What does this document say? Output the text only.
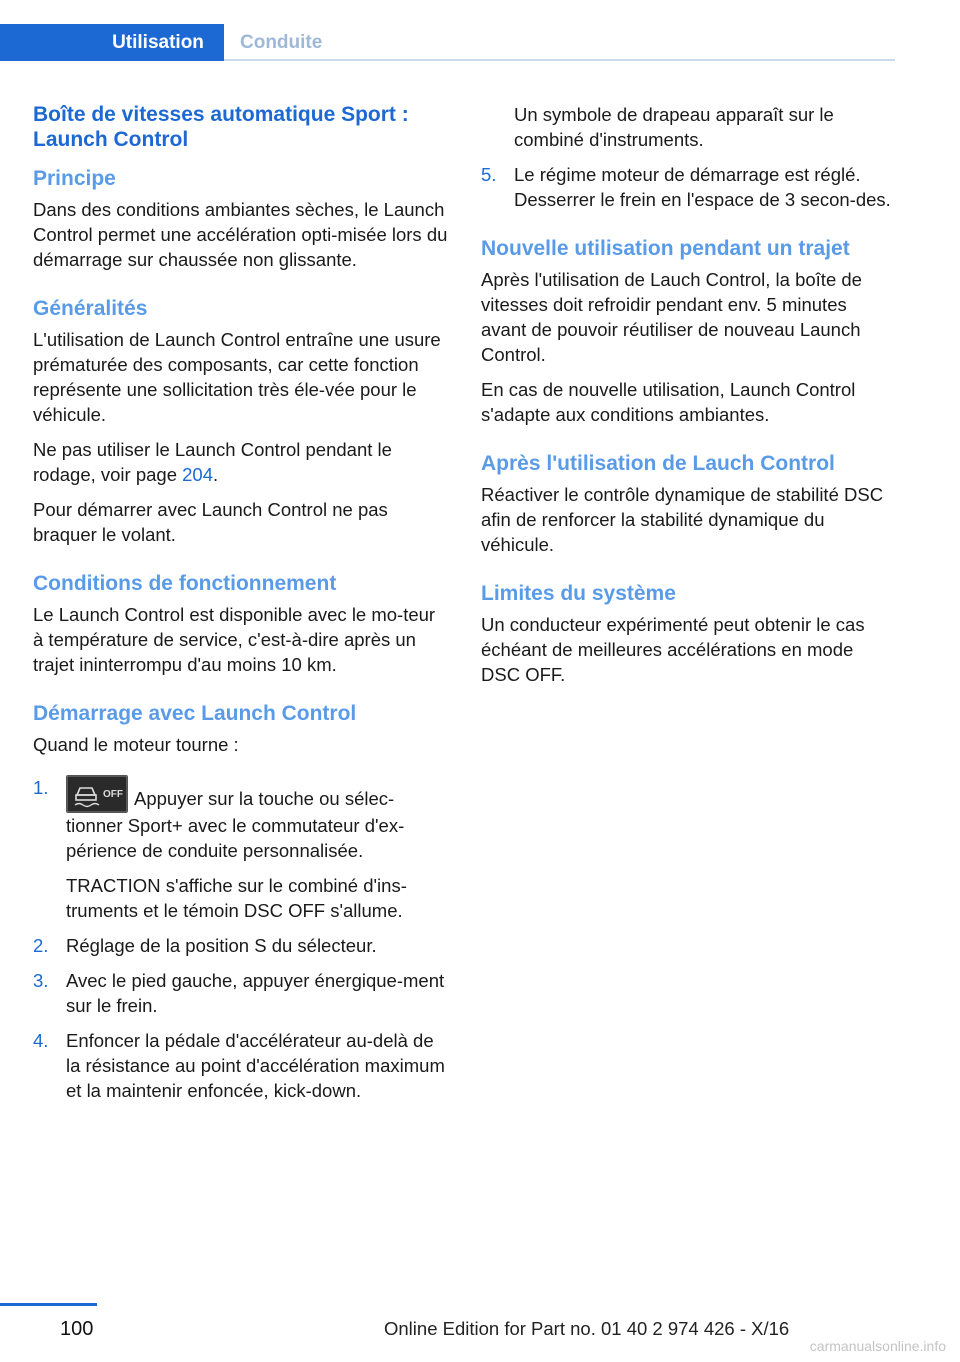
Utilisation	Conduite
Boîte de vitesses automatique Sport : Launch Control
Principe

Dans des conditions ambiantes sèches, le Launch Control permet une accélération opti-misée lors du démarrage sur chaussée non glissante.

Généralités

L'utilisation de Launch Control entraîne une usure prématurée des composants, car cette fonction représente une sollicitation très éle-vée pour le véhicule.

Ne pas utiliser le Launch Control pendant le rodage, voir page 204.

Pour démarrer avec Launch Control ne pas braquer le volant.

Conditions de fonctionnement

Le Launch Control est disponible avec le mo-teur à température de service, c'est-à-dire après un trajet ininterrompu d'au moins 10 km.

Démarrage avec Launch Control

Quand le moteur tourne :

1.	OFF Appuyer sur la touche ou sélec-tionner Sport+ avec le commutateur d'ex-périence de conduite personnalisée.

TRACTION s'affiche sur le combiné d'ins-truments et le témoin DSC OFF s'allume.

2. Réglage de la position S du sélecteur.

3. Avec le pied gauche, appuyer énergique-ment sur le frein.

4. Enfoncer la pédale d'accélérateur au-delà de la résistance au point d'accélération maximum et la maintenir enfoncée, kick-down.

Un symbole de drapeau apparaît sur le combiné d'instruments.

5. Le régime moteur de démarrage est réglé. Desserrer le frein en l'espace de 3 secon-des.

Nouvelle utilisation pendant un trajet

Après l'utilisation de Lauch Control, la boîte de vitesses doit refroidir pendant env. 5 minutes avant de pouvoir réutiliser de nouveau Launch Control.

En cas de nouvelle utilisation, Launch Control s'adapte aux conditions ambiantes.

Après l'utilisation de Lauch Control

Réactiver le contrôle dynamique de stabilité DSC afin de renforcer la stabilité dynamique du véhicule.

Limites du système

Un conducteur expérimenté peut obtenir le cas échéant de meilleures accélérations en mode DSC OFF.

100	Online Edition for Part no. 01 40 2 974 426 - X/16
carmanualsonline.info
